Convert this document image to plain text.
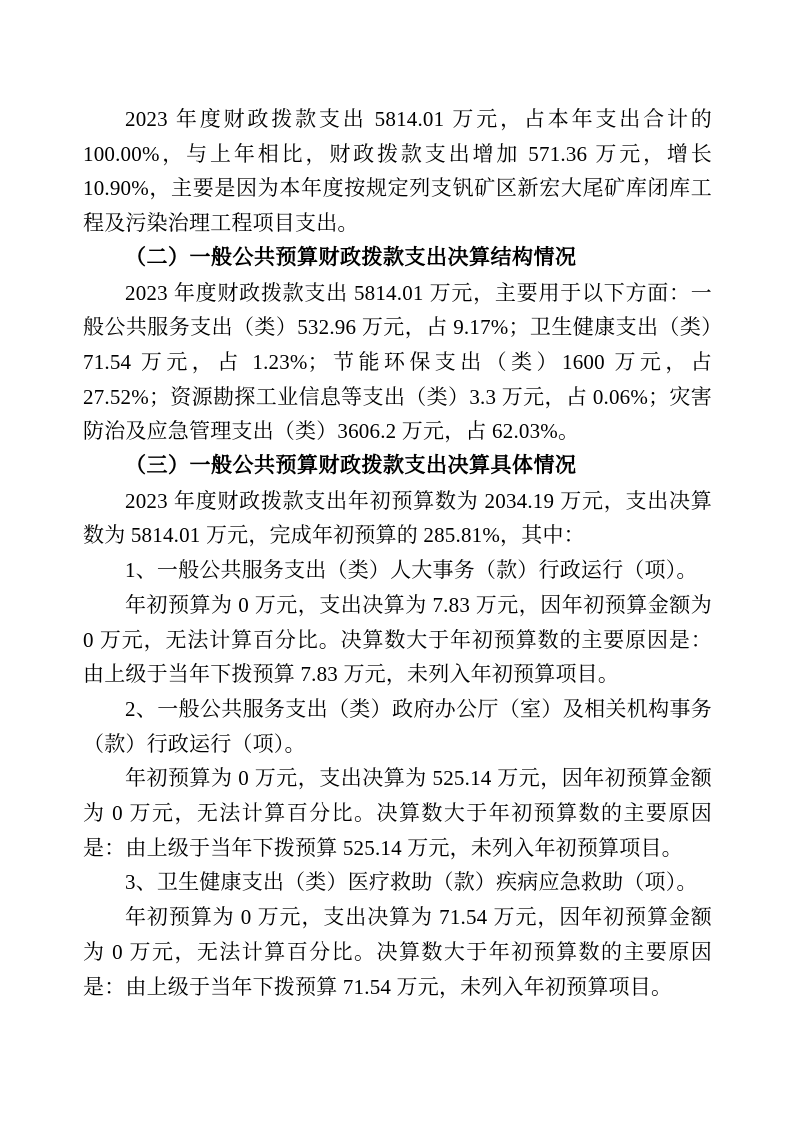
2023 年度财政拨款支出 5814.01 万元，占本年支出合计的 100.00%，与上年相比，财政拨款支出增加 571.36 万元，增长 10.90%，主要是因为本年度按规定列支钒矿区新宏大尾矿库闭库工程及污染治理工程项目支出。

（二）一般公共预算财政拨款支出决算结构情况

2023 年度财政拨款支出 5814.01 万元，主要用于以下方面：一般公共服务支出（类）532.96 万元，占 9.17%；卫生健康支出（类）71.54 万元，占 1.23%；节能环保支出（类）1600 万元，占 27.52%；资源勘探工业信息等支出（类）3.3 万元，占 0.06%；灾害防治及应急管理支出（类）3606.2 万元，占 62.03%。

（三）一般公共预算财政拨款支出决算具体情况

2023 年度财政拨款支出年初预算数为 2034.19 万元，支出决算数为 5814.01 万元，完成年初预算的 285.81%，其中：

1、一般公共服务支出（类）人大事务（款）行政运行（项）。

年初预算为 0 万元，支出决算为 7.83 万元，因年初预算金额为 0 万元，无法计算百分比。决算数大于年初预算数的主要原因是：由上级于当年下拨预算 7.83 万元，未列入年初预算项目。

2、一般公共服务支出（类）政府办公厅（室）及相关机构事务（款）行政运行（项）。

年初预算为 0 万元，支出决算为 525.14 万元，因年初预算金额为 0 万元，无法计算百分比。决算数大于年初预算数的主要原因是：由上级于当年下拨预算 525.14 万元，未列入年初预算项目。

3、卫生健康支出（类）医疗救助（款）疾病应急救助（项）。

年初预算为 0 万元，支出决算为 71.54 万元，因年初预算金额为 0 万元，无法计算百分比。决算数大于年初预算数的主要原因是：由上级于当年下拨预算 71.54 万元，未列入年初预算项目。
